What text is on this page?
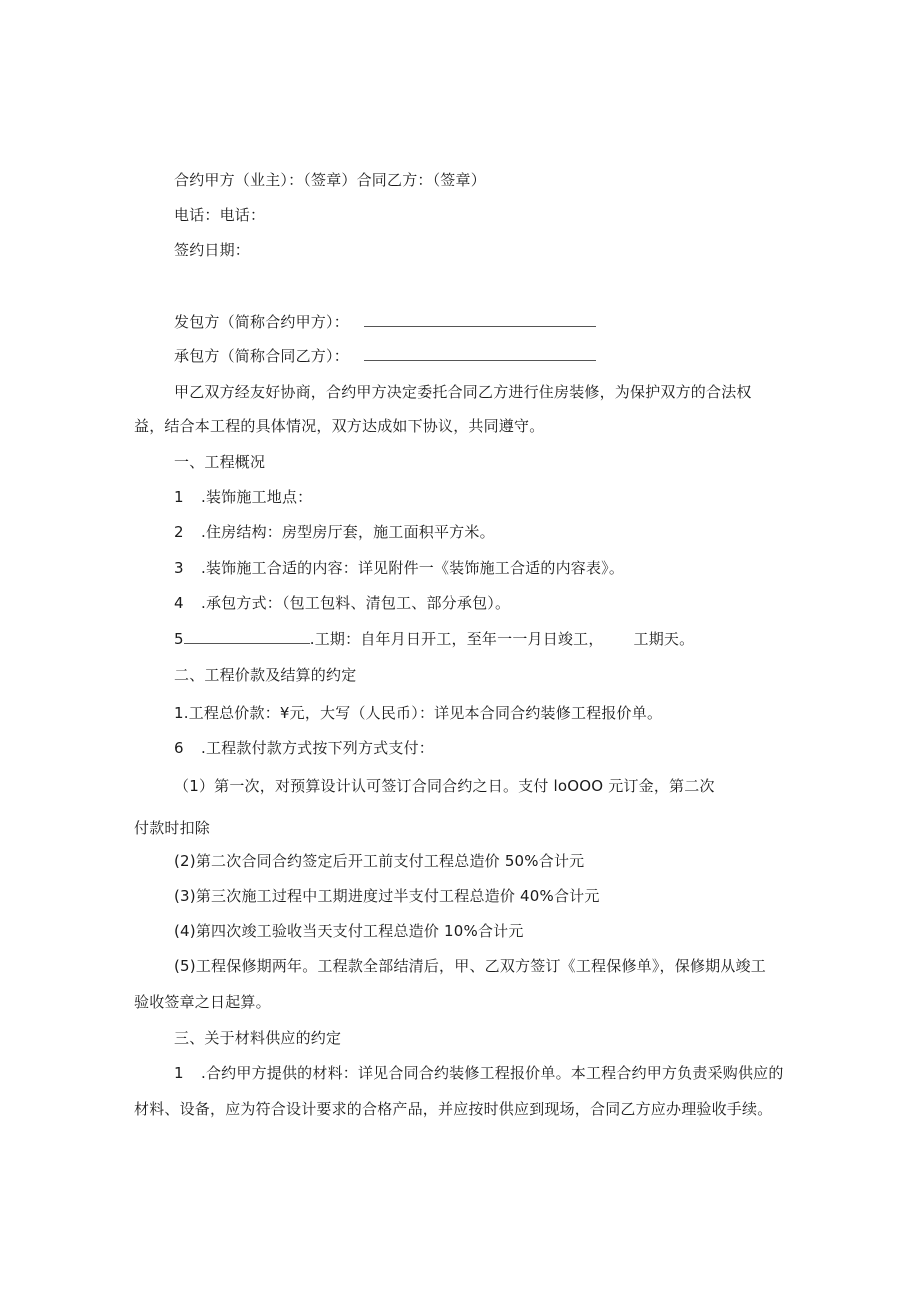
合约甲方（业主）：（签章）合同乙方：（签章）
电话：电话：
签约日期：
发包方（简称合约甲方）：
承包方（简称合同乙方）：
甲乙双方经友好协商，合约甲方决定委托合同乙方进行住房装修，为保护双方的合法权
益，结合本工程的具体情况，双方达成如下协议，共同遵守。
一、工程概况
1 .装饰施工地点：
2 .住房结构：房型房厅套，施工面积平方米。
3 .装饰施工合适的内容：详见附件一《装饰施工合适的内容表》。
4 .承包方式：（包工包料、清包工、部分承包）。
5	.工期：自年月日开工，至年一一月日竣工， 工期天。
二、工程价款及结算的约定
1.工程总价款：¥元，大写（人民币）：详见本合同合约装修工程报价单。
6 .工程款付款方式按下列方式支付：
（1）第一次，对预算设计认可签订合同合约之日。支付 loOOO 元订金，第二次
付款时扣除
(2)第二次合同合约签定后开工前支付工程总造价 50%合计元
(3)第三次施工过程中工期进度过半支付工程总造价 40%合计元
(4)第四次竣工验收当天支付工程总造价 10%合计元
(5)工程保修期两年。工程款全部结清后，甲、乙双方签订《工程保修单》，保修期从竣工
验收签章之日起算。
三、关于材料供应的约定
1 .合约甲方提供的材料：详见合同合约装修工程报价单。本工程合约甲方负责采购供应的
材料、设备，应为符合设计要求的合格产品，并应按时供应到现场，合同乙方应办理验收手续。
